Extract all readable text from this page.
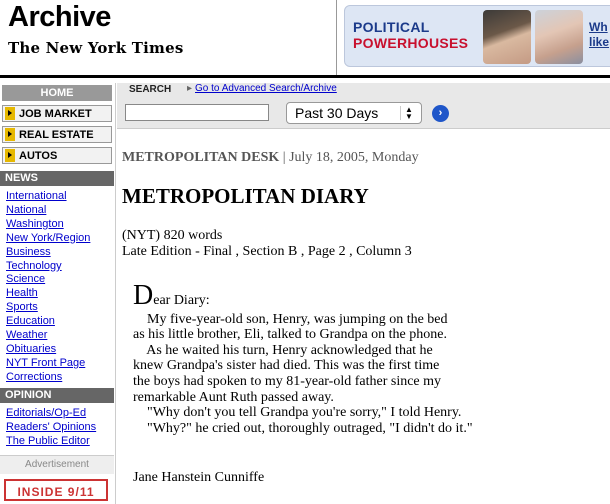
Archive
The New York Times
POLITICAL
POWERHOUSES
Wh like
HOME
JOB MARKET
REAL ESTATE
AUTOS
NEWS
International
National
Washington
New York/Region
Business
Technology
Science
Health
Sports
Education
Weather
Obituaries
NYT Front Page
Corrections
OPINION
Editorials/Op-Ed
Readers' Opinions
The Public Editor
Advertisement
INSIDE 9/11
SEARCH
▸	Go to Advanced Search/Archive
Past 30 Days	▲
▼	›
METROPOLITAN DESK | July 18, 2005, Monday
METROPOLITAN DIARY
(NYT) 820 words
Late Edition - Final , Section B , Page 2 , Column 3
Dear Diary:

My five-year-old son, Henry, was jumping on the bed

as his little brother, Eli, talked to Grandpa on the phone.

As he waited his turn, Henry acknowledged that he

knew Grandpa's sister had died. This was the first time

the boys had spoken to my 81-year-old father since my

remarkable Aunt Ruth passed away.

"Why don't you tell Grandpa you're sorry," I told Henry.

"Why?" he cried out, thoroughly outraged, "I didn't do it."

Jane Hanstein Cunniffe
